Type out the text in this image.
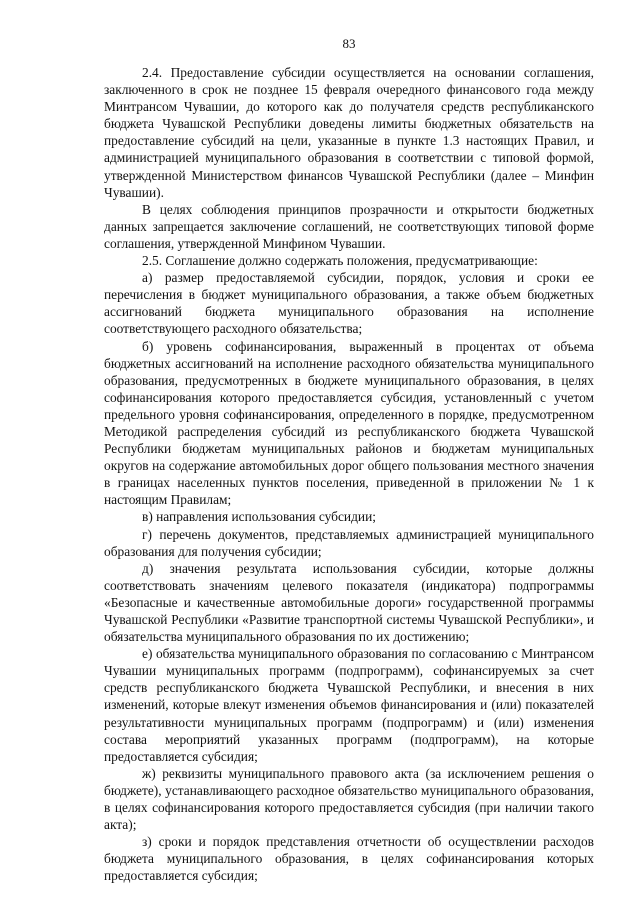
83

2.4. Предоставление субсидии осуществляется на основании соглашения, заключенного в срок не позднее 15 февраля очередного финансового года между Минтрансом Чувашии, до которого как до получателя средств республиканского бюджета Чувашской Республики доведены лимиты бюджетных обязательств на предоставление субсидий на цели, указанные в пункте 1.3 настоящих Правил, и администрацией муниципального образования в соответствии с типовой формой, утвержденной Министерством финансов Чувашской Республики (далее – Минфин Чувашии).

В целях соблюдения принципов прозрачности и открытости бюджетных данных запрещается заключение соглашений, не соответствующих типовой форме соглашения, утвержденной Минфином Чувашии.

2.5. Соглашение должно содержать положения, предусматривающие:

а) размер предоставляемой субсидии, порядок, условия и сроки ее перечисления в бюджет муниципального образования, а также объем бюджетных ассигнований бюджета муниципального образования на исполнение соответствующего расходного обязательства;

б) уровень софинансирования, выраженный в процентах от объема бюджетных ассигнований на исполнение расходного обязательства муниципального образования, предусмотренных в бюджете муниципального образования, в целях софинансирования которого предоставляется субсидия, установленный с учетом предельного уровня софинансирования, определенного в порядке, предусмотренном Методикой распределения субсидий из республиканского бюджета Чувашской Республики бюджетам муниципальных районов и бюджетам муниципальных округов на содержание автомобильных дорог общего пользования местного значения в границах населенных пунктов поселения, приведенной в приложении № 1 к настоящим Правилам;

в) направления использования субсидии;

г) перечень документов, представляемых администрацией муниципального образования для получения субсидии;

д) значения результата использования субсидии, которые должны соответствовать значениям целевого показателя (индикатора) подпрограммы «Безопасные и качественные автомобильные дороги» государственной программы Чувашской Республики «Развитие транспортной системы Чувашской Республики», и обязательства муниципального образования по их достижению;

е) обязательства муниципального образования по согласованию с Минтрансом Чувашии муниципальных программ (подпрограмм), софинансируемых за счет средств республиканского бюджета Чувашской Республики, и внесения в них изменений, которые влекут изменения объемов финансирования и (или) показателей результативности муниципальных программ (подпрограмм) и (или) изменения состава мероприятий указанных программ (подпрограмм), на которые предоставляется субсидия;

ж) реквизиты муниципального правового акта (за исключением решения о бюджете), устанавливающего расходное обязательство муниципального образования, в целях софинансирования которого предоставляется субсидия (при наличии такого акта);

з) сроки и порядок представления отчетности об осуществлении расходов бюджета муниципального образования, в целях софинансирования которых предоставляется субсидия;
